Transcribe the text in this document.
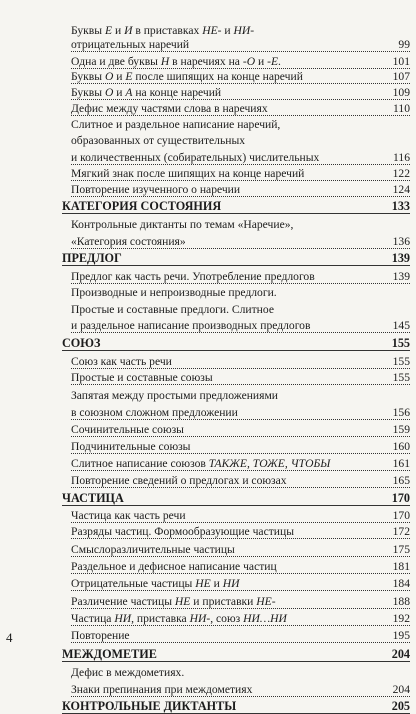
Буквы Е и И в приставках НЕ- и НИ-
отрицательных наречий	99
Одна и две буквы Н в наречиях на -О и -Е.	101
Буквы О и Е после шипящих на конце наречий	107
Буквы О и А на конце наречий	109
Дефис между частями слова в наречиях	110
Слитное и раздельное написание наречий,
образованных от существительных
и количественных (собирательных) числительных	116
Мягкий знак после шипящих на конце наречий	122
Повторение изученного о наречии	124
КАТЕГОРИЯ СОСТОЯНИЯ	133
Контрольные диктанты по темам «Наречие»,
«Категория состояния»	136
ПРЕДЛОГ	139
Предлог как часть речи. Употребление предлогов	139
Производные и непроизводные предлоги.
Простые и составные предлоги. Слитное
и раздельное написание производных предлогов	145
СОЮЗ	155
Союз как часть речи	155
Простые и составные союзы	155
Запятая между простыми предложениями
в союзном сложном предложении	156
Сочинительные союзы	159
Подчинительные союзы	160
Слитное написание союзов ТАКЖЕ, ТОЖЕ, ЧТОБЫ	161
Повторение сведений о предлогах и союзах	165
ЧАСТИЦА	170
Частица как часть речи	170
Разряды частиц. Формообразующие частицы	172
Смыслоразличительные частицы	175
Раздельное и дефисное написание частиц	181
Отрицательные частицы НЕ и НИ	184
Различение частицы НЕ и приставки НЕ-	188
Частица НИ, приставка НИ-, союз НИ…НИ	192
Повторение	195
МЕЖДОМЕТИЕ	204
Дефис в междометиях.
Знаки препинания при междометиях	204
КОНТРОЛЬНЫЕ ДИКТАНТЫ	205
4
